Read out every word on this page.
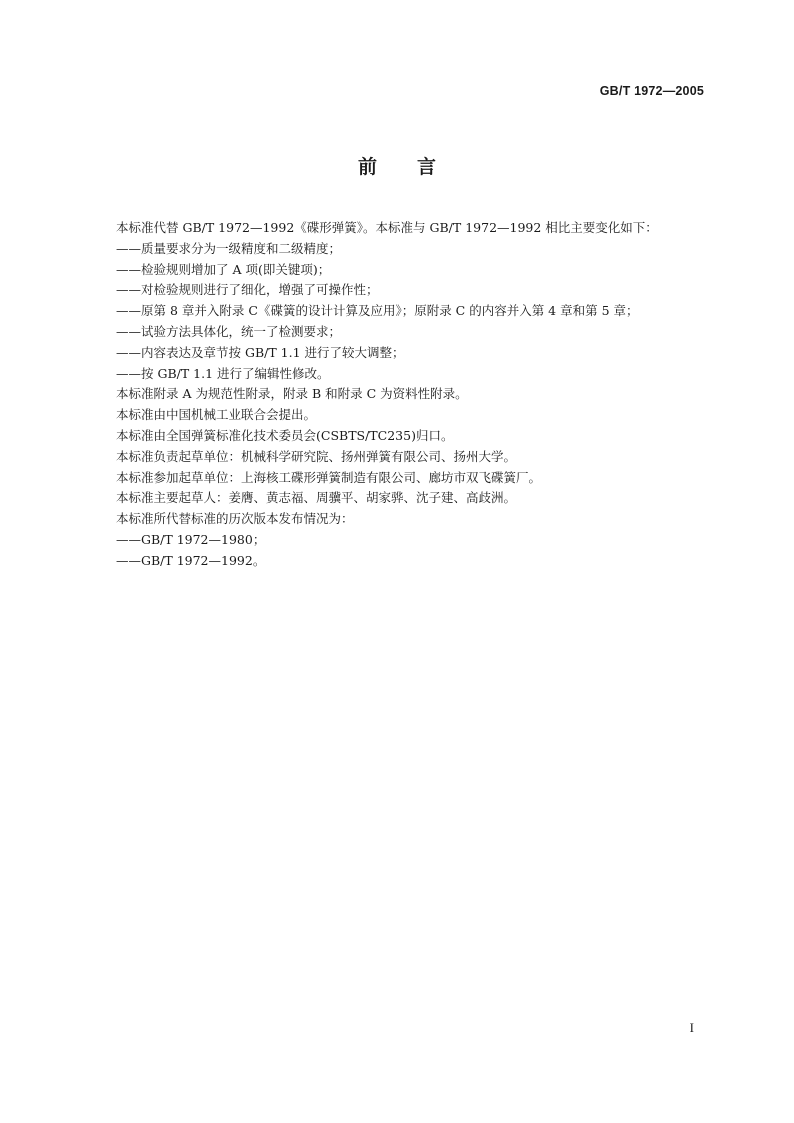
GB/T 1972—2005
前 言
本标准代替 GB/T 1972—1992《碟形弹簧》。本标准与 GB/T 1972—1992 相比主要变化如下：
——质量要求分为一级精度和二级精度；
——检验规则增加了 A 项(即关键项)；
——对检验规则进行了细化，增强了可操作性；
——原第 8 章并入附录 C《碟簧的设计计算及应用》；原附录 C 的内容并入第 4 章和第 5 章；
——试验方法具体化，统一了检测要求；
——内容表达及章节按 GB/T 1.1 进行了较大调整；
——按 GB/T 1.1 进行了编辑性修改。
本标准附录 A 为规范性附录，附录 B 和附录 C 为资料性附录。
本标准由中国机械工业联合会提出。
本标准由全国弹簧标准化技术委员会(CSBTS/TC235)归口。
本标准负责起草单位：机械科学研究院、扬州弹簧有限公司、扬州大学。
本标准参加起草单位：上海核工碟形弹簧制造有限公司、廊坊市双飞碟簧厂。
本标准主要起草人：姜膺、黄志福、周骥平、胡家骅、沈子建、高歧洲。
本标准所代替标准的历次版本发布情况为：
——GB/T 1972—1980；
——GB/T 1972—1992。
I
